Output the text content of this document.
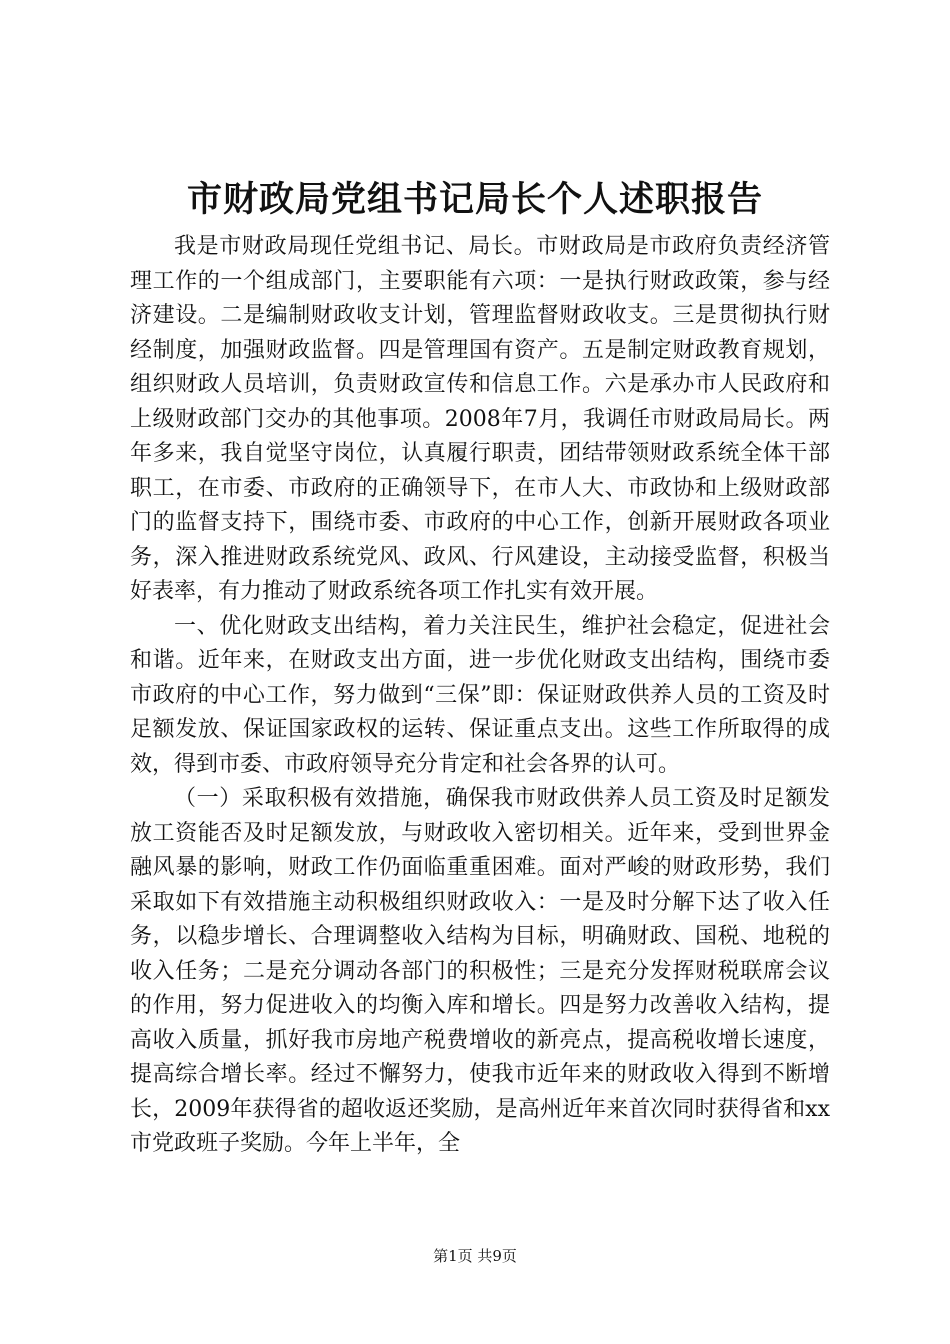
市财政局党组书记局长个人述职报告

我是市财政局现任党组书记、局长。市财政局是市政府负责经济管理工作的一个组成部门，主要职能有六项：一是执行财政政策，参与经济建设。二是编制财政收支计划，管理监督财政收支。三是贯彻执行财经制度，加强财政监督。四是管理国有资产。五是制定财政教育规划，组织财政人员培训，负责财政宣传和信息工作。六是承办市人民政府和上级财政部门交办的其他事项。2008年7月，我调任市财政局局长。两年多来，我自觉坚守岗位，认真履行职责，团结带领财政系统全体干部职工，在市委、市政府的正确领导下，在市人大、市政协和上级财政部门的监督支持下，围绕市委、市政府的中心工作，创新开展财政各项业务，深入推进财政系统党风、政风、行风建设，主动接受监督，积极当好表率，有力推动了财政系统各项工作扎实有效开展。

一、优化财政支出结构，着力关注民生，维护社会稳定，促进社会和谐。近年来，在财政支出方面，进一步优化财政支出结构，围绕市委市政府的中心工作，努力做到“三保”即：保证财政供养人员的工资及时足额发放、保证国家政权的运转、保证重点支出。这些工作所取得的成效，得到市委、市政府领导充分肯定和社会各界的认可。

（一）采取积极有效措施，确保我市财政供养人员工资及时足额发放工资能否及时足额发放，与财政收入密切相关。近年来，受到世界金融风暴的影响，财政工作仍面临重重困难。面对严峻的财政形势，我们采取如下有效措施主动积极组织财政收入：一是及时分解下达了收入任务，以稳步增长、合理调整收入结构为目标，明确财政、国税、地税的收入任务；二是充分调动各部门的积极性；三是充分发挥财税联席会议的作用，努力促进收入的均衡入库和增长。四是努力改善收入结构，提高收入质量，抓好我市房地产税费增收的新亮点，提高税收增长速度，提高综合增长率。经过不懈努力，使我市近年来的财政收入得到不断增长，2009年获得省的超收返还奖励，是高州近年来首次同时获得省和xx市党政班子奖励。今年上半年，全

第1页 共9页
